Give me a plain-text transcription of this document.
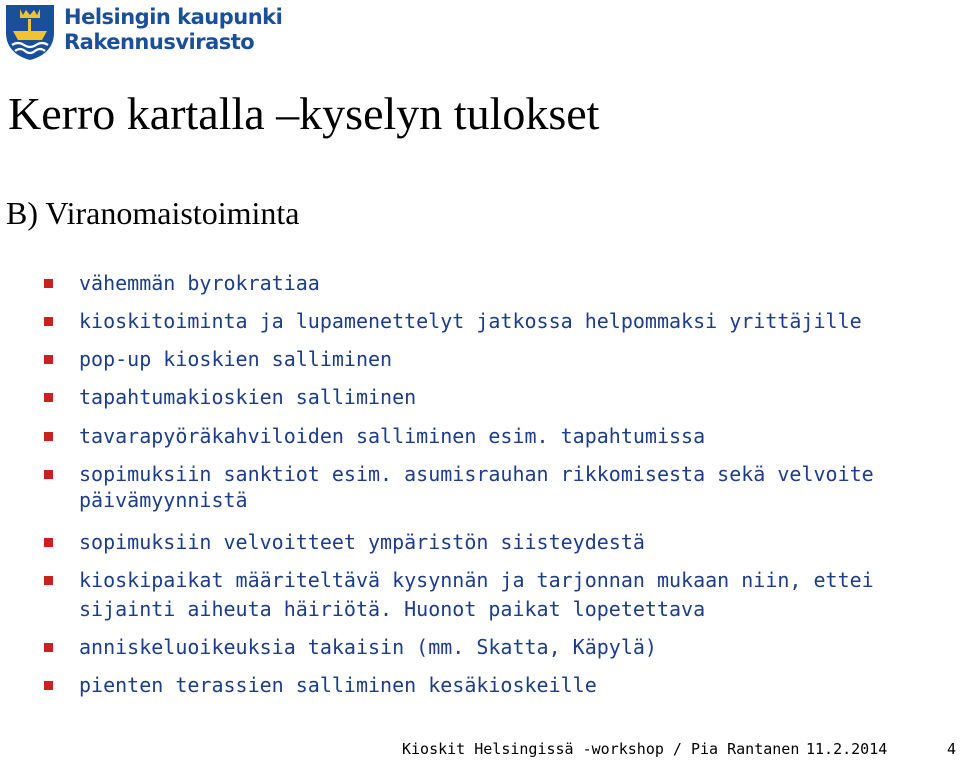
Helsingin kaupunki
Rakennusvirasto
Kerro kartalla –kyselyn tulokset
B) Viranomaistoiminta
vähemmän byrokratiaa
kioskitoiminta ja lupamenettelyt jatkossa helpommaksi yrittäjille
pop-up kioskien salliminen
tapahtumakioskien salliminen
tavarapyöräkahviloiden salliminen esim. tapahtumissa
sopimuksiin sanktiot esim. asumisrauhan rikkomisesta sekä velvoite
päivämyynnistä
sopimuksiin velvoitteet ympäristön siisteydestä
kioskipaikat määriteltävä kysynnän ja tarjonnan mukaan niin, ettei
sijainti aiheuta häiriötä. Huonot paikat lopetettava
anniskeluoikeuksia takaisin (mm. Skatta, Käpylä)
pienten terassien salliminen kesäkioskeille
Kioskit Helsingissä -workshop / Pia Rantanen 11.2.2014	4
